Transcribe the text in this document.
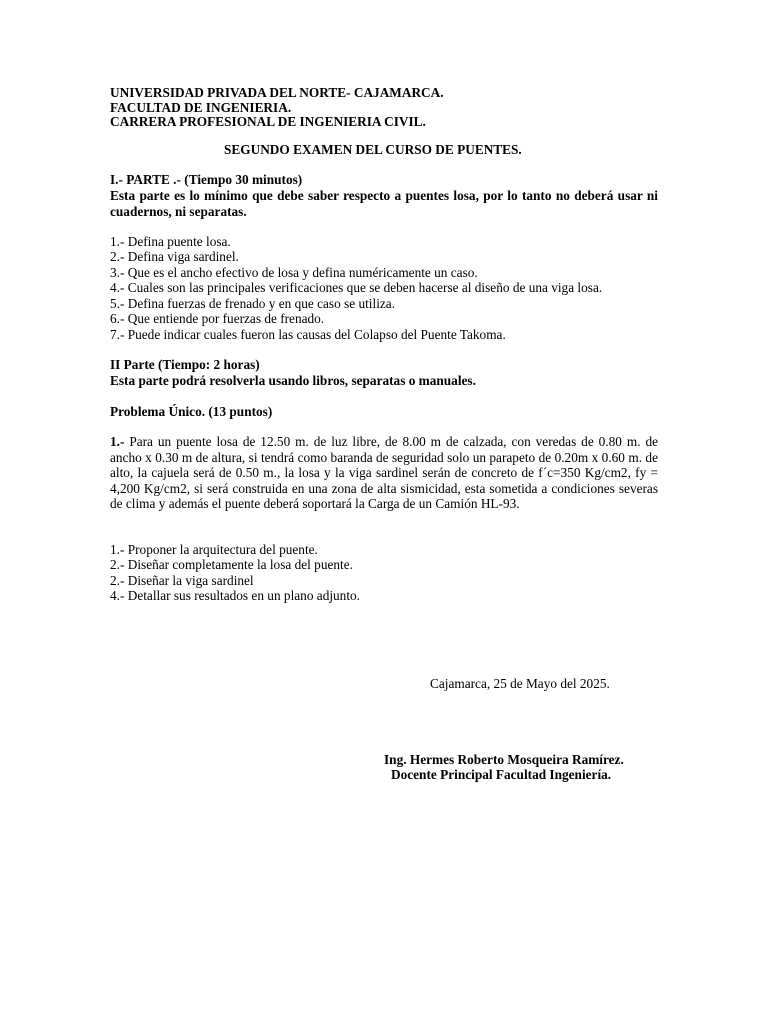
UNIVERSIDAD PRIVADA DEL NORTE- CAJAMARCA.
FACULTAD DE INGENIERIA.
CARRERA PROFESIONAL DE INGENIERIA CIVIL.
SEGUNDO EXAMEN DEL CURSO DE PUENTES.
I.- PARTE .- (Tiempo 30 minutos)
Esta parte es lo mínimo que debe saber respecto a puentes losa, por lo tanto no deberá usar ni cuadernos, ni separatas.
1.- Defina puente losa.
2.- Defina viga sardinel.
3.- Que es el ancho efectivo de losa y defina numéricamente un caso.
4.- Cuales son las principales verificaciones que se deben hacerse al diseño de una viga losa.
5.- Defina fuerzas de frenado y en que caso se utiliza.
6.- Que entiende por fuerzas de frenado.
7.- Puede indicar cuales fueron las causas del Colapso del Puente Takoma.
II Parte (Tiempo: 2 horas)
Esta parte podrá resolverla usando libros, separatas o manuales.
Problema Único. (13 puntos)
1.- Para un puente losa de 12.50 m. de luz libre, de 8.00 m de calzada, con veredas de 0.80 m. de ancho x 0.30 m de altura, si tendrá como baranda de seguridad solo un parapeto de 0.20m x 0.60 m. de alto, la cajuela será de 0.50 m., la losa y la viga sardinel serán de concreto de f´c=350 Kg/cm2, fy = 4,200 Kg/cm2, si será construida en una zona de alta sismicidad, esta sometida a condiciones severas de clima y además el puente deberá soportará la Carga de un Camión HL-93.
1.- Proponer la arquitectura del puente.
2.- Diseñar completamente la losa del puente.
2.- Diseñar la viga sardinel
4.- Detallar sus resultados en un plano adjunto.
Cajamarca, 25 de Mayo del 2025.
Ing. Hermes Roberto Mosqueira Ramírez.
Docente Principal Facultad Ingeniería.
